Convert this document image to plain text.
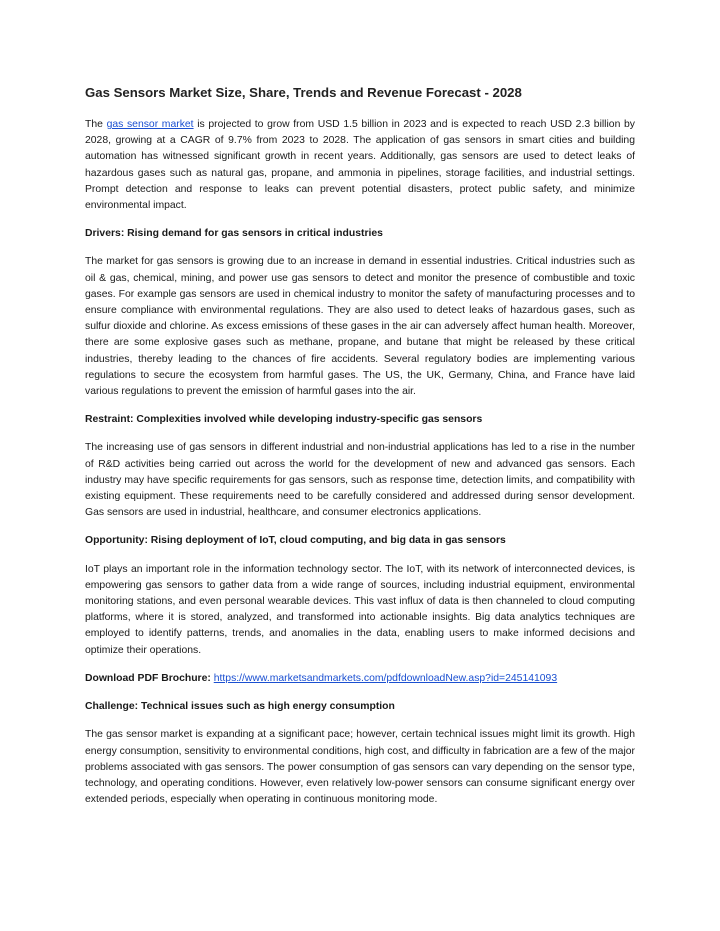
Gas Sensors Market Size, Share, Trends and Revenue Forecast - 2028

The gas sensor market is projected to grow from USD 1.5 billion in 2023 and is expected to reach USD 2.3 billion by 2028, growing at a CAGR of 9.7% from 2023 to 2028. The application of gas sensors in smart cities and building automation has witnessed significant growth in recent years. Additionally, gas sensors are used to detect leaks of hazardous gases such as natural gas, propane, and ammonia in pipelines, storage facilities, and industrial settings. Prompt detection and response to leaks can prevent potential disasters, protect public safety, and minimize environmental impact.

Drivers: Rising demand for gas sensors in critical industries

The market for gas sensors is growing due to an increase in demand in essential industries. Critical industries such as oil & gas, chemical, mining, and power use gas sensors to detect and monitor the presence of combustible and toxic gases. For example gas sensors are used in chemical industry to monitor the safety of manufacturing processes and to ensure compliance with environmental regulations. They are also used to detect leaks of hazardous gases, such as sulfur dioxide and chlorine. As excess emissions of these gases in the air can adversely affect human health. Moreover, there are some explosive gases such as methane, propane, and butane that might be released by these critical industries, thereby leading to the chances of fire accidents. Several regulatory bodies are implementing various regulations to secure the ecosystem from harmful gases. The US, the UK, Germany, China, and France have laid various regulations to prevent the emission of harmful gases into the air.

Restraint: Complexities involved while developing industry-specific gas sensors

The increasing use of gas sensors in different industrial and non-industrial applications has led to a rise in the number of R&D activities being carried out across the world for the development of new and advanced gas sensors. Each industry may have specific requirements for gas sensors, such as response time, detection limits, and compatibility with existing equipment. These requirements need to be carefully considered and addressed during sensor development. Gas sensors are used in industrial, healthcare, and consumer electronics applications.

Opportunity: Rising deployment of IoT, cloud computing, and big data in gas sensors

IoT plays an important role in the information technology sector. The IoT, with its network of interconnected devices, is empowering gas sensors to gather data from a wide range of sources, including industrial equipment, environmental monitoring stations, and even personal wearable devices. This vast influx of data is then channeled to cloud computing platforms, where it is stored, analyzed, and transformed into actionable insights. Big data analytics techniques are employed to identify patterns, trends, and anomalies in the data, enabling users to make informed decisions and optimize their operations.

Download PDF Brochure: https://www.marketsandmarkets.com/pdfdownloadNew.asp?id=245141093

Challenge: Technical issues such as high energy consumption

The gas sensor market is expanding at a significant pace; however, certain technical issues might limit its growth. High energy consumption, sensitivity to environmental conditions, high cost, and difficulty in fabrication are a few of the major problems associated with gas sensors. The power consumption of gas sensors can vary depending on the sensor type, technology, and operating conditions. However, even relatively low-power sensors can consume significant energy over extended periods, especially when operating in continuous monitoring mode.
